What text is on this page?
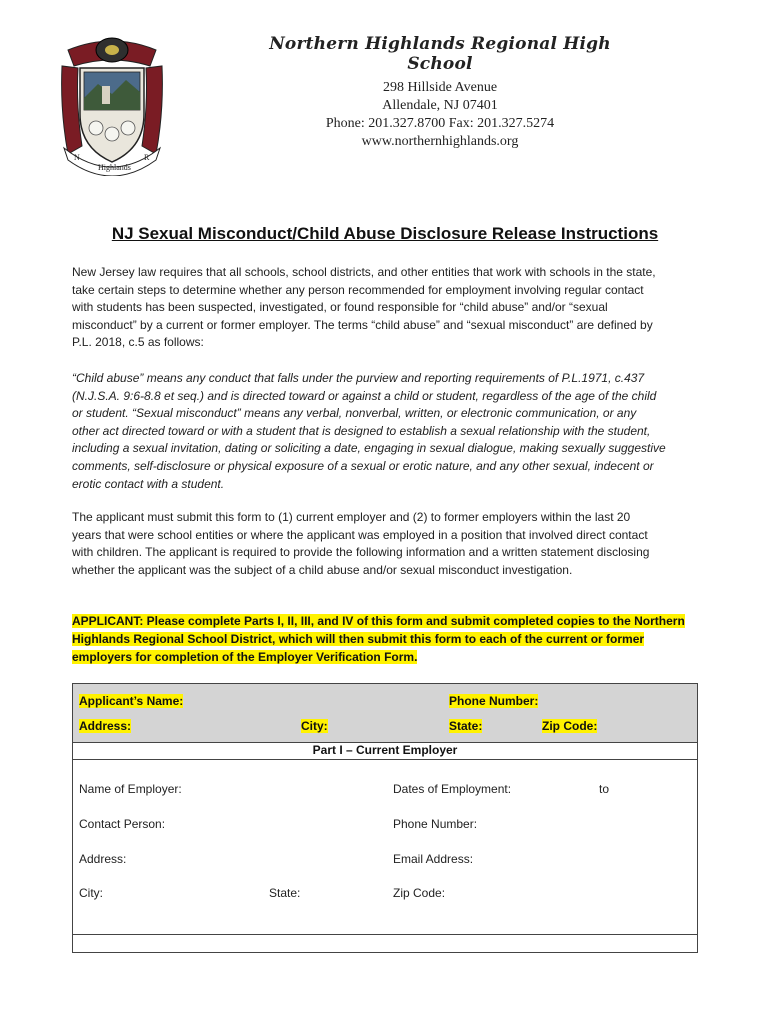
N
Highlands
R
Northern Highlands Regional High School
298 Hillside Avenue
Allendale, NJ 07401
Phone: 201.327.8700 Fax: 201.327.5274
www.northernhighlands.org
NJ Sexual Misconduct/Child Abuse Disclosure Release Instructions
New Jersey law requires that all schools, school districts, and other entities that work with schools in the state,
take certain steps to determine whether any person recommended for employment involving regular contact
with students has been suspected, investigated, or found responsible for “child abuse” and/or “sexual
misconduct” by a current or former employer. The terms “child abuse” and “sexual misconduct” are defined by
P.L. 2018, c.5 as follows:
“Child abuse” means any conduct that falls under the purview and reporting requirements of P.L.1971, c.437
(N.J.S.A. 9:6-8.8 et seq.) and is directed toward or against a child or student, regardless of the age of the child
or student. “Sexual misconduct” means any verbal, nonverbal, written, or electronic communication, or any
other act directed toward or with a student that is designed to establish a sexual relationship with the student,
including a sexual invitation, dating or soliciting a date, engaging in sexual dialogue, making sexually suggestive
comments, self-disclosure or physical exposure of a sexual or erotic nature, and any other sexual, indecent or
erotic contact with a student.
The applicant must submit this form to (1) current employer and (2) to former employers within the last 20
years that were school entities or where the applicant was employed in a position that involved direct contact
with children. The applicant is required to provide the following information and a written statement disclosing
whether the applicant was the subject of a child abuse and/or sexual misconduct investigation.
APPLICANT: Please complete Parts I, II, III, and IV of this form and submit completed copies to the Northern
Highlands Regional School District, which will then submit this form to each of the current or former
employers for completion of the Employer Verification Form.
Applicant’s Name:	Phone Number:
Address:	City:	State:	Zip Code:
Part I – Current Employer
Name of Employer:	Dates of Employment:	to
Contact Person:	Phone Number:
Address:	Email Address:
City:	State:	Zip Code:
